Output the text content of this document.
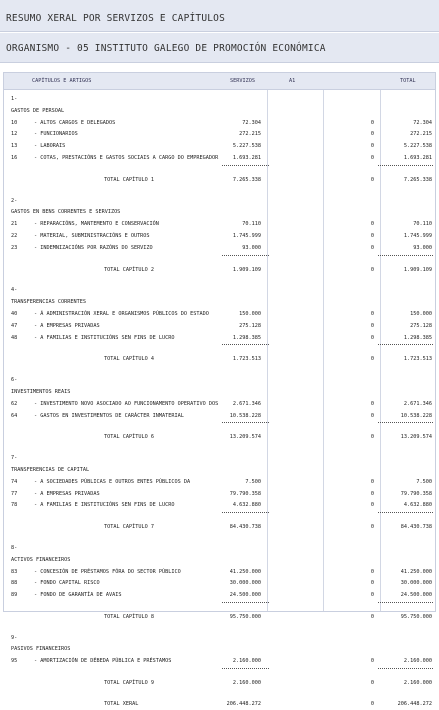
RESUMO XERAL POR SERVIZOS E CAPÍTULOS
ORGANISMO - 05 INSTITUTO GALEGO DE PROMOCIÓN ECONÓMICA
CAPÍTULOS E ARTIGOS	SERVIZOS	A1	TOTAL
1-
GASTOS DE PERSOAL
10	- ALTOS CARGOS E DELEGADOS	72.304	0	72.304
12	- FUNCIONARIOS	272.215	0	272.215
13	- LABORAIS	5.227.538	0	5.227.538
16	- COTAS, PRESTACIÓNS E GASTOS SOCIAIS A CARGO DO EMPREGADOR	1.693.281	0	1.693.281
TOTAL CAPÍTULO 1	7.265.338	0	7.265.338
2-
GASTOS EN BENS CORRENTES E SERVIZOS
21	- REPARACIÓNS, MANTEMENTO E CONSERVACIÓN	70.110	0	70.110
22	- MATERIAL, SUBMINISTRACIÓNS E OUTROS	1.745.999	0	1.745.999
23	- INDEMNIZACIÓNS POR RAZÓNS DO SERVIZO	93.000	0	93.000
TOTAL CAPÍTULO 2	1.909.109	0	1.909.109
4-
TRANSFERENCIAS CORRENTES
40	- Á ADMINISTRACIÓN XERAL E ORGANISMOS PÚBLICOS DO ESTADO	150.000	0	150.000
47	- A EMPRESAS PRIVADAS	275.128	0	275.128
48	- A FAMILIAS E INSTITUCIÓNS SEN FINS DE LUCRO	1.298.385	0	1.298.385
TOTAL CAPÍTULO 4	1.723.513	0	1.723.513
6-
INVESTIMENTOS REAIS
62	- INVESTIMENTO NOVO ASOCIADO AO FUNCIONAMENTO OPERATIVO DOS	2.671.346	0	2.671.346
64	- GASTOS EN INVESTIMENTOS DE CARÁCTER INMATERIAL	10.538.228	0	10.538.228
TOTAL CAPÍTULO 6	13.209.574	0	13.209.574
7-
TRANSFERENCIAS DE CAPITAL
74	- A SOCIEDADES PÚBLICAS E OUTROS ENTES PÚBLICOS DA	7.500	0	7.500
77	- A EMPRESAS PRIVADAS	79.790.358	0	79.790.358
78	- A FAMILIAS E INSTITUCIÓNS SEN FINS DE LUCRO	4.632.880	0	4.632.880
TOTAL CAPÍTULO 7	84.430.738	0	84.430.738
8-
ACTIVOS FINANCEIROS
83	- CONCESIÓN DE PRÉSTAMOS FÓRA DO SECTOR PÚBLICO	41.250.000	0	41.250.000
88	- FONDO CAPITAL RISCO	30.000.000	0	30.000.000
89	- FONDO DE GARANTÍA DE AVAIS	24.500.000	0	24.500.000
TOTAL CAPÍTULO 8	95.750.000	0	95.750.000
9-
PASIVOS FINANCEIROS
95	- AMORTIZACIÓN DE DÉBEDA PÚBLICA E PRÉSTAMOS	2.160.000	0	2.160.000
TOTAL CAPÍTULO 9	2.160.000	0	2.160.000
TOTAL XERAL	206.448.272	0	206.448.272
